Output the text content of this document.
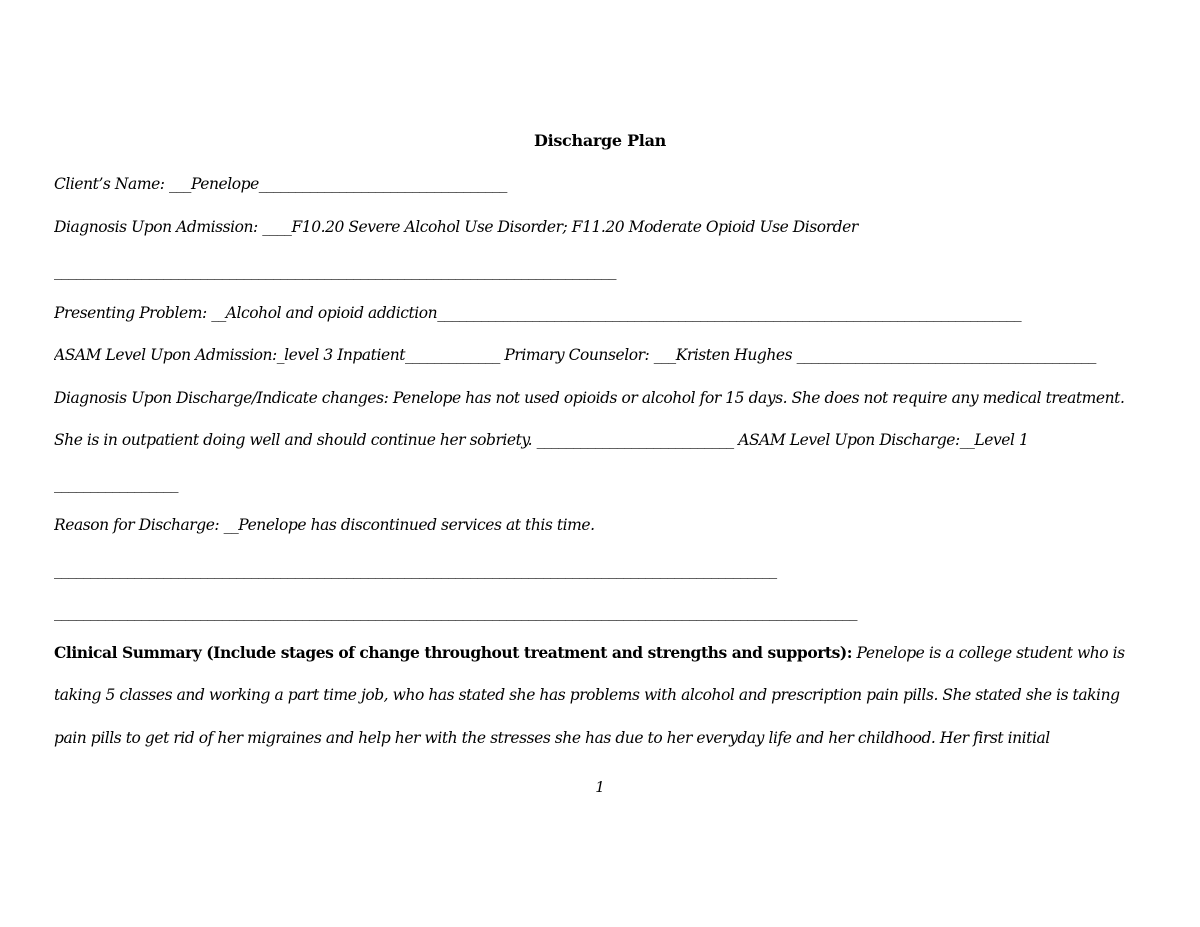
Discharge Plan
Client’s Name: ___Penelope__________________________________
Diagnosis Upon Admission: ____F10.20 Severe Alcohol Use Disorder; F11.20 Moderate Opioid Use Disorder
_____________________________________________________________________________
Presenting Problem: __Alcohol and opioid addiction________________________________________________________________________________
ASAM Level Upon Admission:_level 3 Inpatient_____________ Primary Counselor: ___Kristen Hughes _________________________________________
Diagnosis Upon Discharge/Indicate changes: Penelope has not used opioids or alcohol for 15 days. She does not require any medical treatment.
She is in outpatient doing well and should continue her sobriety. ___________________________ ASAM Level Upon Discharge:__Level 1
_________________
Reason for Discharge: __Penelope has discontinued services at this time.
___________________________________________________________________________________________________
______________________________________________________________________________________________________________
Clinical Summary (Include stages of change throughout treatment and strengths and supports): Penelope is a college student who is
taking 5 classes and working a part time job, who has stated she has problems with alcohol and prescription pain pills. She stated she is taking
pain pills to get rid of her migraines and help her with the stresses she has due to her everyday life and her childhood. Her first initial
1
